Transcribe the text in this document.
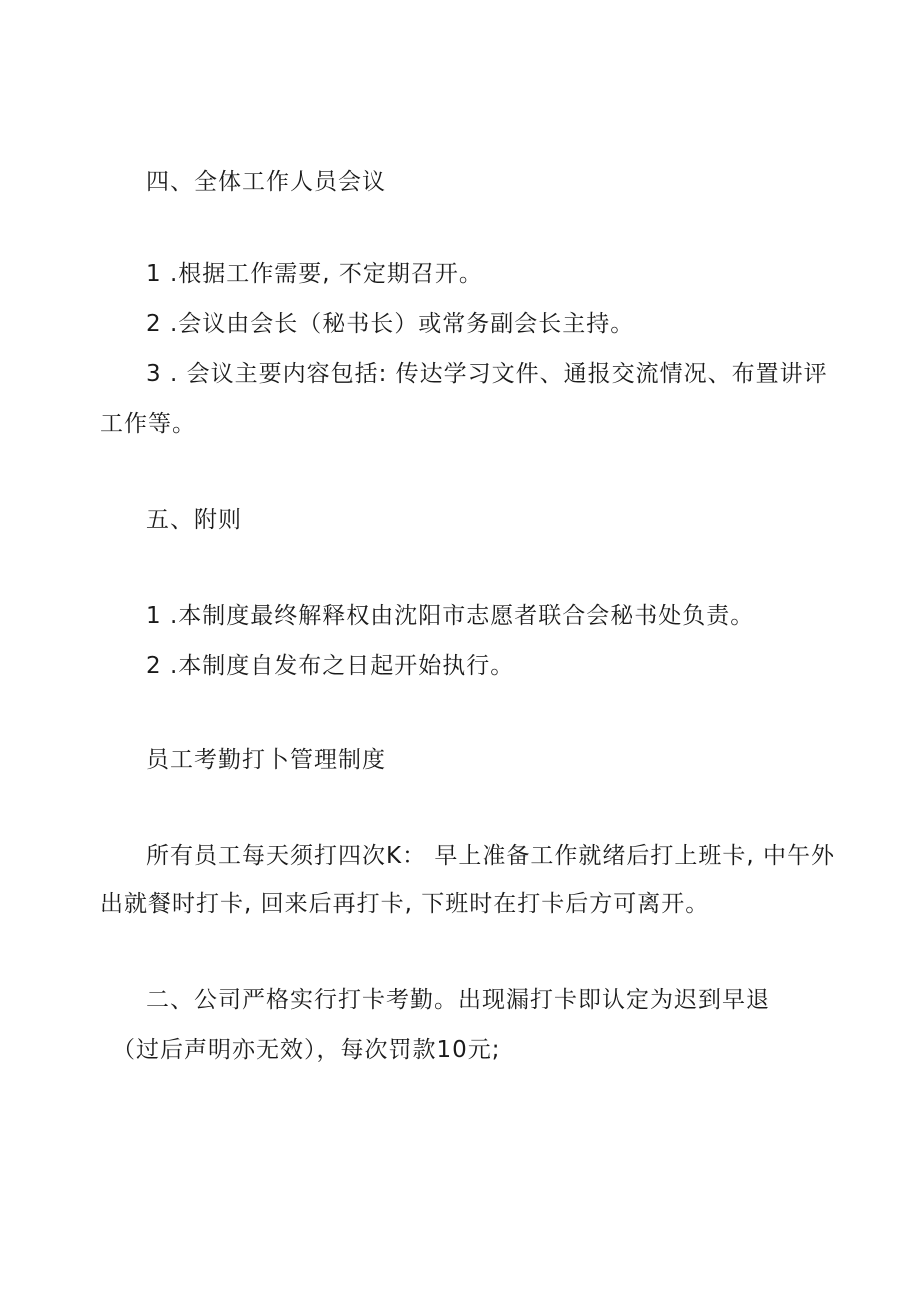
四、全体工作人员会议

1 .根据工作需要, 不定期召开。

2 .会议由会长（秘书长）或常务副会长主持。

3 . 会议主要内容包括: 传达学习文件、通报交流情况、布置讲评

工作等。

五、附则

1 .本制度最终解释权由沈阳市志愿者联合会秘书处负责。

2 .本制度自发布之日起开始执行。

员工考勤打卜管理制度

所有员工每天须打四次K： 早上准备工作就绪后打上班卡, 中午外

出就餐时打卡, 回来后再打卡, 下班时在打卡后方可离开。

二、公司严格实行打卡考勤。出现漏打卡即认定为迟到早退

（过后声明亦无效），每次罚款10元;
